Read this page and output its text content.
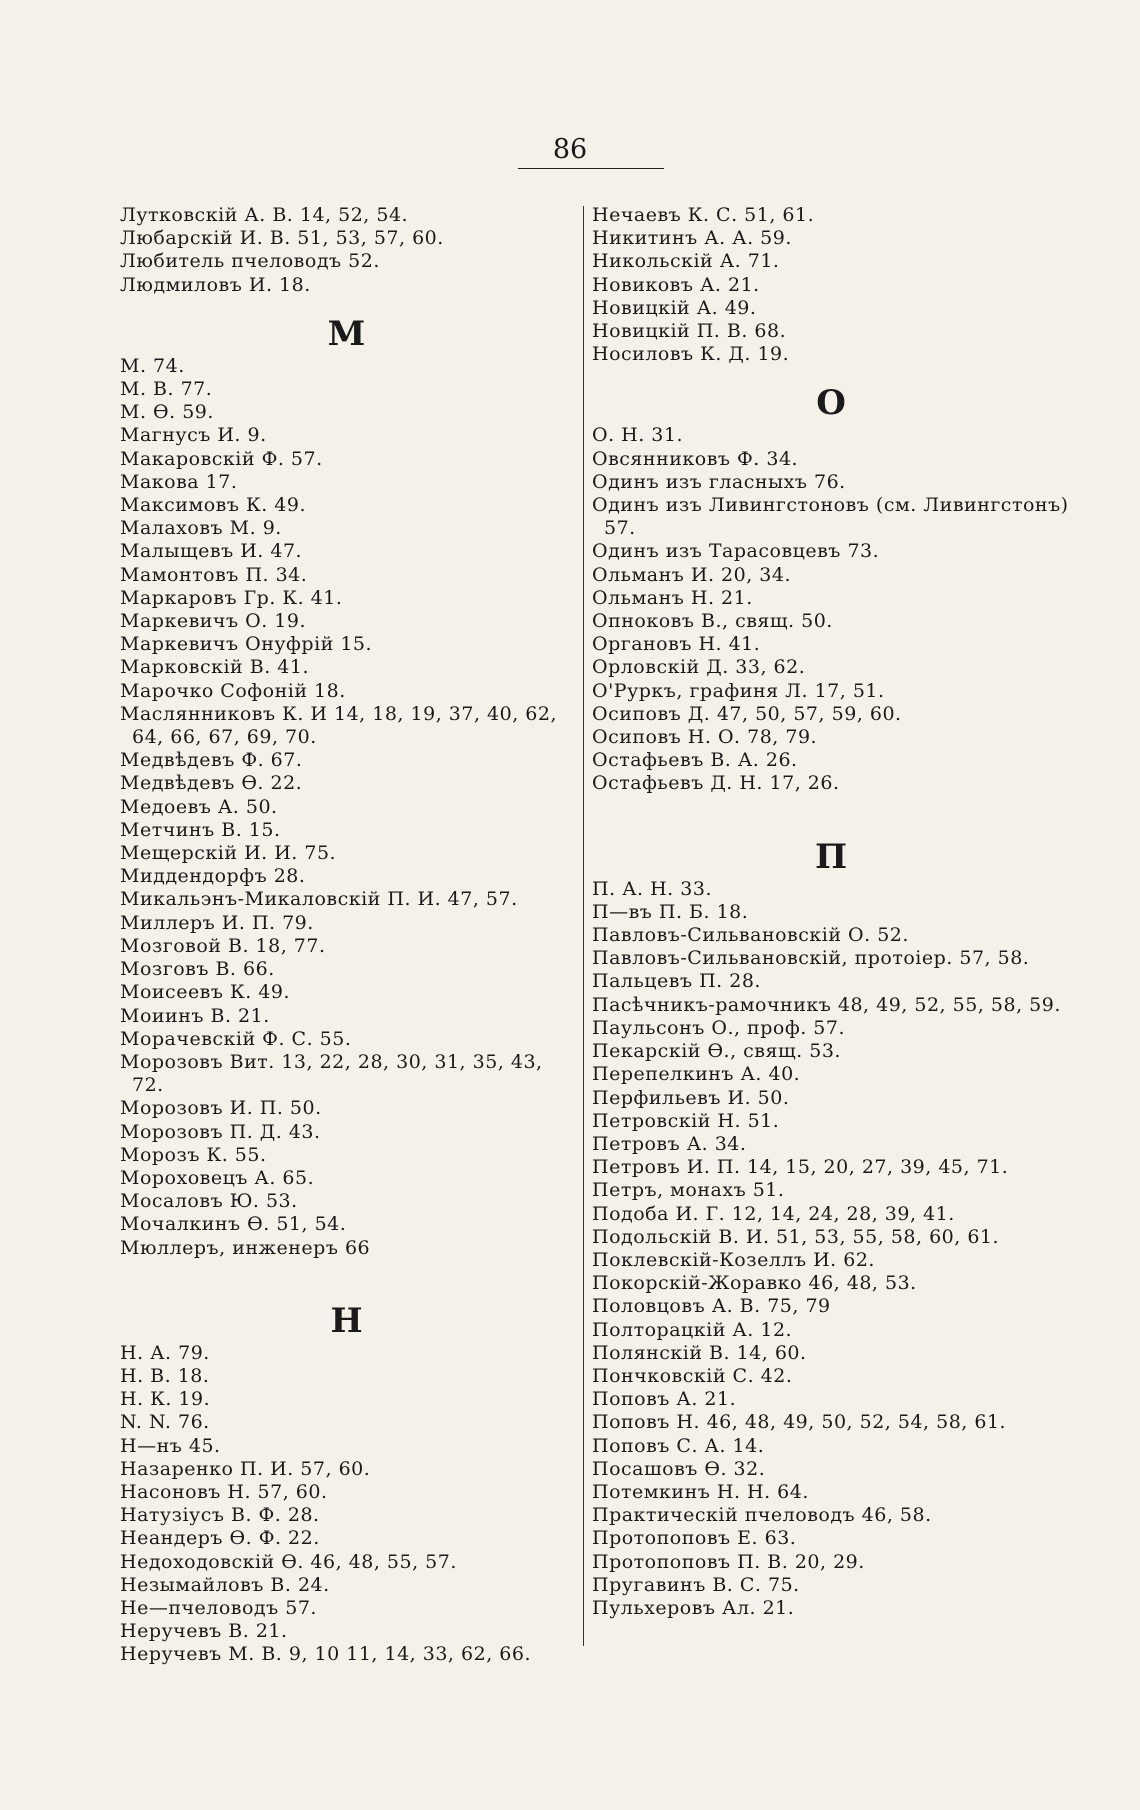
86
Лутковскій А. В. 14, 52, 54.
Любарскій И. В. 51, 53, 57, 60.
Любитель пчеловодъ 52.
Людмиловъ И. 18.
M
М. 74.
М. В. 77.
М. Ѳ. 59.
Магнусъ И. 9.
Макаровскій Ф. 57.
Макова 17.
Максимовъ К. 49.
Малаховъ М. 9.
Малыщевъ И. 47.
Мамонтовъ П. 34.
Маркаровъ Гр. К. 41.
Маркевичъ О. 19.
Маркевичъ Онуфрій 15.
Марковскій В. 41.
Марочко Софоній 18.
Маслянниковъ К. И 14, 18, 19, 37, 40, 62, 64, 66, 67, 69, 70.
Медвѣдевъ Ф. 67.
Медвѣдевъ Ѳ. 22.
Медоевъ А. 50.
Метчинъ В. 15.
Мещерскій И. И. 75.
Миддендорфъ 28.
Микальэнъ-Микаловскій П. И. 47, 57.
Миллеръ И. П. 79.
Мозговой В. 18, 77.
Мозговъ В. 66.
Моисеевъ К. 49.
Моиинъ В. 21.
Морачевскій Ф. С. 55.
Морозовъ Вит. 13, 22, 28, 30, 31, 35, 43, 72.
Морозовъ И. П. 50.
Морозовъ П. Д. 43.
Морозъ К. 55.
Мороховецъ А. 65.
Мосаловъ Ю. 53.
Мочалкинъ Ѳ. 51, 54.
Мюллеръ, инженеръ 66
Н
Н. А. 79.
Н. В. 18.
Н. К. 19.
N. N. 76.
Н—нъ 45.
Назаренко П. И. 57, 60.
Насоновъ Н. 57, 60.
Натузіусъ В. Ф. 28.
Неандеръ Ѳ. Ф. 22.
Недоходовскій Ѳ. 46, 48, 55, 57.
Незымайловъ В. 24.
Не—пчеловодъ 57.
Неручевъ В. 21.
Неручевъ М. В. 9, 10 11, 14, 33, 62, 66.
Нечаевъ К. С. 51, 61.
Никитинъ А. А. 59.
Никольскій А. 71.
Новиковъ А. 21.
Новицкій А. 49.
Новицкій П. В. 68.
Носиловъ К. Д. 19.
О
О. Н. 31.
Овсянниковъ Ф. 34.
Одинъ изъ гласныхъ 76.
Одинъ изъ Ливингстоновъ (см. Ливингстонъ) 57.
Одинъ изъ Тарасовцевъ 73.
Ольманъ И. 20, 34.
Ольманъ Н. 21.
Опноковъ В., свящ. 50.
Органовъ Н. 41.
Орловскій Д. 33, 62.
О'Руркъ, графиня Л. 17, 51.
Осиповъ Д. 47, 50, 57, 59, 60.
Осиповъ Н. О. 78, 79.
Остафьевъ В. А. 26.
Остафьевъ Д. Н. 17, 26.
П
П. А. Н. 33.
П—въ П. Б. 18.
Павловъ-Сильвановскій О. 52.
Павловъ-Сильвановскій, протоіер. 57, 58.
Пальцевъ П. 28.
Пасѣчникъ-рамочникъ 48, 49, 52, 55, 58, 59.
Паульсонъ О., проф. 57.
Пекарскій Ѳ., свящ. 53.
Перепелкинъ А. 40.
Перфильевъ И. 50.
Петровскій Н. 51.
Петровъ А. 34.
Петровъ И. П. 14, 15, 20, 27, 39, 45, 71.
Петръ, монахъ 51.
Подоба И. Г. 12, 14, 24, 28, 39, 41.
Подольскій В. И. 51, 53, 55, 58, 60, 61.
Поклевскій-Козеллъ И. 62.
Покорскій-Жоравко 46, 48, 53.
Половцовъ А. В. 75, 79
Полторацкій А. 12.
Полянскій В. 14, 60.
Пончковскій С. 42.
Поповъ А. 21.
Поповъ Н. 46, 48, 49, 50, 52, 54, 58, 61.
Поповъ С. А. 14.
Посашовъ Ѳ. 32.
Потемкинъ Н. Н. 64.
Практическій пчеловодъ 46, 58.
Протопоповъ Е. 63.
Протопоповъ П. В. 20, 29.
Пругавинъ В. С. 75.
Пульхеровъ Ал. 21.
